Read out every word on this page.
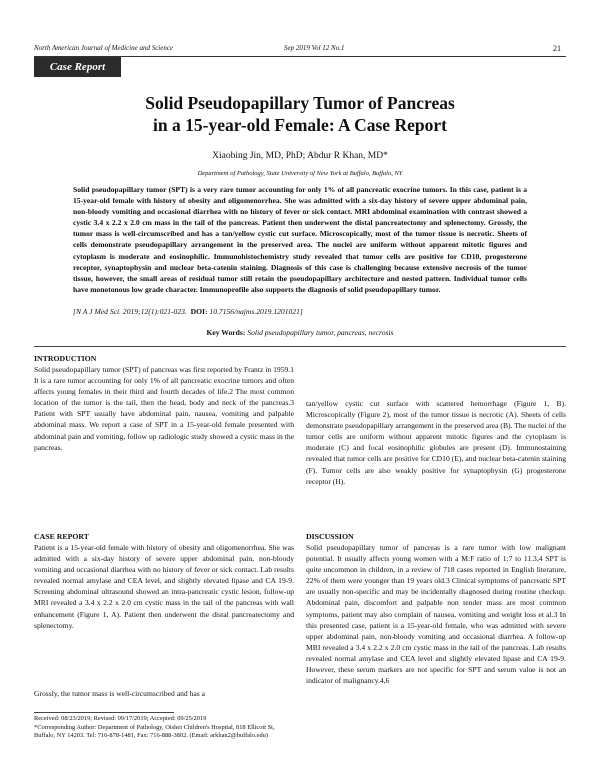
North American Journal of Medicine and Science	Sep 2019 Vol 12 No.1	21
Case Report
Solid Pseudopapillary Tumor of Pancreas
in a 15-year-old Female: A Case Report
Xiaobing Jin, MD, PhD; Abdur R Khan, MD*
Department of Pathology, State University of New York at Buffalo, Buffalo, NY
Solid pseudopapillary tumor (SPT) is a very rare tumor accounting for only 1% of all pancreatic exocrine tumors. In this case, patient is a 15-year-old female with history of obesity and oligomenorrhea. She was admitted with a six-day history of severe upper abdominal pain, non-bloody vomiting and occasional diarrhea with no history of fever or sick contact. MRI abdominal examination with contrast showed a cystic 3.4 x 2.2 x 2.0 cm mass in the tail of the pancreas. Patient then underwent the distal pancreatectomy and splenectomy. Grossly, the tumor mass is well-circumscribed and has a tan/yellow cystic cut surface. Microscopically, most of the tumor tissue is necrotic. Sheets of cells demonstrate pseudopapillary arrangement in the preserved area. The nuclei are uniform without apparent mitotic figures and cytoplasm is moderate and eosinophilic. Immunohistochemistry study revealed that tumor cells are positive for CD10, progesterone receptor, synaptophysin and nuclear beta-catenin staining. Diagnosis of this case is challenging because extensive necrosis of the tumor tissue, however, the small areas of residual tumor still retain the pseudopapillary architecture and nested pattern. Individual tumor cells have monotonous low grade character. Immunoprofile also supports the diagnosis of solid pseudopapillary tumor.
[N A J Med Sci. 2019;12(1):021-023. DOI: 10.7156/najms.2019.1201021]
Key Words: Solid pseudopapillary tumor, pancreas, necrosis
INTRODUCTION
Solid pseudopapillary tumor (SPT) of pancreas was first reported by Frantz in 1959.1 It is a rare tumor accounting for only 1% of all pancreatic exocrine tumors and often affects young females in their third and fourth decades of life.2 The most common location of the tumor is the tail, then the head, body and neck of the pancreas.3 Patient with SPT usually have abdominal pain, nausea, vomiting and palpable abdominal mass. We report a case of SPT in a 15-year-old female presented with abdominal pain and vomiting, follow up radiologic study showed a cystic mass in the pancreas.
CASE REPORT
Patient is a 15-year-old female with history of obesity and oligomenorrhea. She was admitted with a six-day history of severe upper abdominal pain, non-bloody vomiting and occasional diarrhea with no history of fever or sick contact. Lab results revealed normal amylase and CEA level, and slightly elevated lipase and CA 19-9. Screening abdominal ultrasound showed an intra-pancreatic cystic lesion, follow-up MRI revealed a 3.4 x 2.2 x 2.0 cm cystic mass in the tail of the pancreas with wall enhancement (Figure 1, A). Patient then underwent the distal pancreatectomy and splenectomy.
Grossly, the tumor mass is well-circumscribed and has a
Received: 08/23/2019; Revised: 09/17/2019; Accepted: 09/25/2019
*Corresponding Author: Department of Pathology, Oishei Children's Hospital, 818 Ellicott St, Buffalo, NY 14203. Tel: 716-878-1481, Fax: 716-888-3802. (Email: arkhan2@buffalo.edu)
tan/yellow cystic cut surface with scattered hemorrhage (Figure 1, B). Microscopically (Figure 2), most of the tumor tissue is necrotic (A). Sheets of cells demonstrate pseudopapillary arrangement in the preserved area (B). The nuclei of the tumor cells are uniform without apparent mitotic figures and the cytoplasm is moderate (C) and focal eosinophilic globules are present (D). Immunostaining revealed that tumor cells are positive for CD10 (E), and nuclear beta-catenin staining (F). Tumor cells are also weakly positive for synaptophysin (G) progesterone receptor (H).
DISCUSSION
Solid pseudopapillary tumor of pancreas is a rare tumor with low malignant potential. It usually affects young women with a M:F ratio of 1:7 to 11.3,4 SPT is quite uncommon in children, in a review of 718 cases reported in English literature, 22% of them were younger than 19 years old.3 Clinical symptoms of pancreatic SPT are usually non-specific and may be incidentally diagnosed during routine checkup. Abdominal pain, discomfort and palpable non tender mass are most common symptoms, patient may also complain of nausea, vomiting and weight loss et al.3 In this presented case, patient is a 15-year-old female, who was admitted with severe upper abdominal pain, non-bloody vomiting and occasional diarrhea. A follow-up MRI revealed a 3.4 x 2.2 x 2.0 cm cystic mass in the tail of the pancreas. Lab results revealed normal amylase and CEA level and slightly elevated lipase and CA 19-9. However, these serum markers are not specific for SPT and serum value is not an indicator of malignancy.4,6
